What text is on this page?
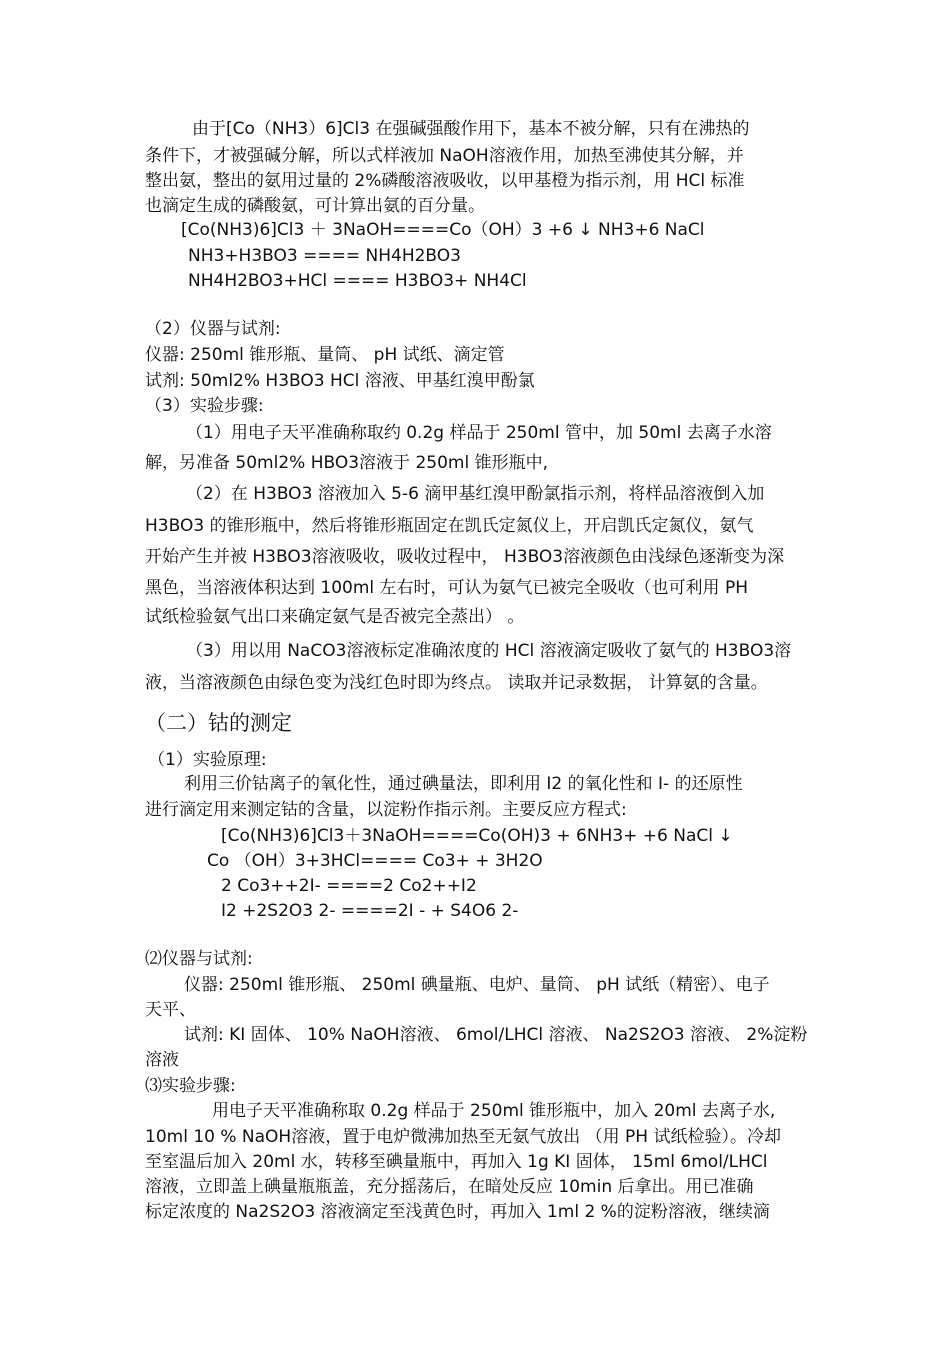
由于[Co（NH3）6]Cl3 在强碱强酸作用下，基本不被分解，只有在沸热的
条件下，才被强碱分解，所以式样液加 NaOH溶液作用，加热至沸使其分解，并
整出氨，整出的氨用过量的 2%磷酸溶液吸收，以甲基橙为指示剂，用 HCl 标准
也滴定生成的磷酸氨，可计算出氨的百分量。
[Co(NH3)6]Cl3 ＋ 3NaOH====Co（OH）3 +6 ↓ NH3+6 NaCl
NH3+H3BO3 ==== NH4H2BO3
NH4H2BO3+HCl ==== H3BO3+ NH4Cl
（2）仪器与试剂:
仪器: 250ml 锥形瓶、量筒、 pH 试纸、滴定管
试剂: 50ml2% H3BO3 HCl 溶液、甲基红溴甲酚氯
（3）实验步骤:
（1）用电子天平准确称取约 0.2g 样品于 250ml 管中，加 50ml 去离子水溶
解，另准备 50ml2% HBO3溶液于 250ml 锥形瓶中,
（2）在 H3BO3 溶液加入 5-6 滴甲基红溴甲酚氯指示剂，将样品溶液倒入加
H3BO3 的锥形瓶中，然后将锥形瓶固定在凯氏定氮仪上，开启凯氏定氮仪，氨气
开始产生并被 H3BO3溶液吸收，吸收过程中， H3BO3溶液颜色由浅绿色逐渐变为深
黑色，当溶液体积达到 100ml 左右时，可认为氨气已被完全吸收（也可利用 PH
试纸检验氨气出口来确定氨气是否被完全蒸出） 。
（3）用以用 NaCO3溶液标定准确浓度的 HCl 溶液滴定吸收了氨气的 H3BO3溶
液，当溶液颜色由绿色变为浅红色时即为终点。 读取并记录数据， 计算氨的含量。
（二）钴的测定
（1）实验原理:
利用三价钴离子的氧化性，通过碘量法，即利用 I2 的氧化性和 I- 的还原性
进行滴定用来测定钴的含量，以淀粉作指示剂。主要反应方程式:
[Co(NH3)6]Cl3＋3NaOH====Co(OH)3 + 6NH3+ +6 NaCl ↓
Co （OH）3+3HCl==== Co3+ + 3H2O
2 Co3++2I- ====2 Co2++I2
I2 +2S2O3 2- ====2I - + S4O6 2-
⑵仪器与试剂:
仪器: 250ml 锥形瓶、 250ml 碘量瓶、电炉、量筒、 pH 试纸（精密）、电子
天平、
试剂: KI 固体、 10% NaOH溶液、 6mol/LHCl 溶液、 Na2S2O3 溶液、 2%淀粉
溶液
⑶实验步骤:
用电子天平准确称取 0.2g 样品于 250ml 锥形瓶中，加入 20ml 去离子水,
10ml 10 % NaOH溶液，置于电炉微沸加热至无氨气放出 （用 PH 试纸检验）。冷却
至室温后加入 20ml 水，转移至碘量瓶中，再加入 1g KI 固体， 15ml 6mol/LHCl
溶液，立即盖上碘量瓶瓶盖，充分摇荡后，在暗处反应 10min 后拿出。用已准确
标定浓度的 Na2S2O3 溶液滴定至浅黄色时，再加入 1ml 2 %的淀粉溶液，继续滴
